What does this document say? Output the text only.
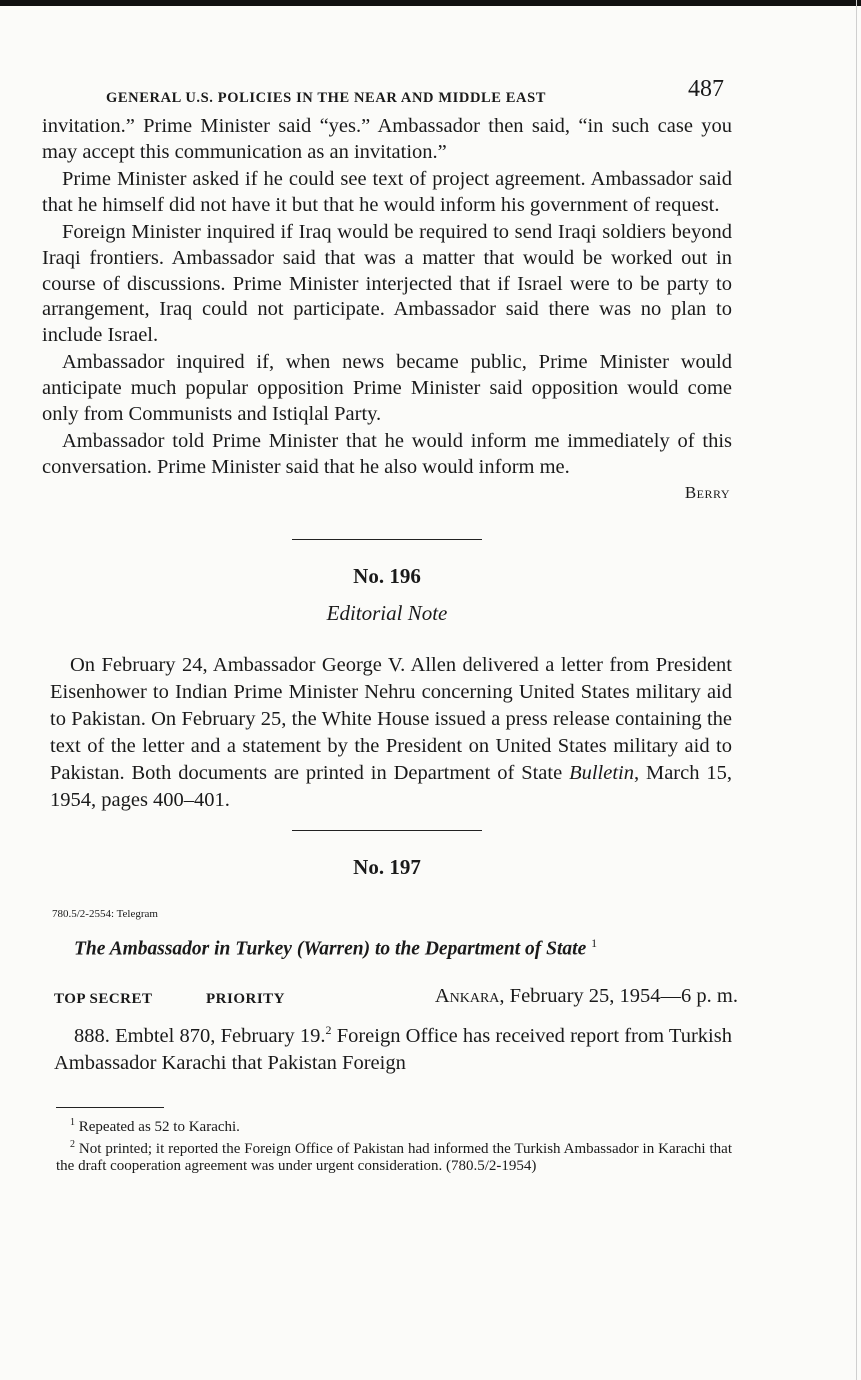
GENERAL U.S. POLICIES IN THE NEAR AND MIDDLE EAST	487

invitation.” Prime Minister said “yes.” Ambassador then said, “in such case you may accept this communication as an invitation.”

Prime Minister asked if he could see text of project agreement. Ambassador said that he himself did not have it but that he would inform his government of request.

Foreign Minister inquired if Iraq would be required to send Iraqi soldiers beyond Iraqi frontiers. Ambassador said that was a matter that would be worked out in course of discussions. Prime Minister interjected that if Israel were to be party to arrangement, Iraq could not participate. Ambassador said there was no plan to include Israel.

Ambassador inquired if, when news became public, Prime Minister would anticipate much popular opposition Prime Minister said opposition would come only from Communists and Istiqlal Party.

Ambassador told Prime Minister that he would inform me immediately of this conversation. Prime Minister said that he also would inform me.

Berry
No. 196
Editorial Note

On February 24, Ambassador George V. Allen delivered a letter from President Eisenhower to Indian Prime Minister Nehru concerning United States military aid to Pakistan. On February 25, the White House issued a press release containing the text of the letter and a statement by the President on United States military aid to Pakistan. Both documents are printed in Department of State Bulletin, March 15, 1954, pages 400–401.

No. 197
780.5/2-2554: Telegram
The Ambassador in Turkey (Warren) to the Department of State $^1$
TOP SECRET	PRIORITY	Ankara, February 25, 1954—6 p. m.

888. Embtel 870, February 19.$^2$ Foreign Office has received report from Turkish Ambassador Karachi that Pakistan Foreign

$^1$ Repeated as 52 to Karachi.

$^2$ Not printed; it reported the Foreign Office of Pakistan had informed the Turkish Ambassador in Karachi that the draft cooperation agreement was under urgent consideration. (780.5/2-1954)
